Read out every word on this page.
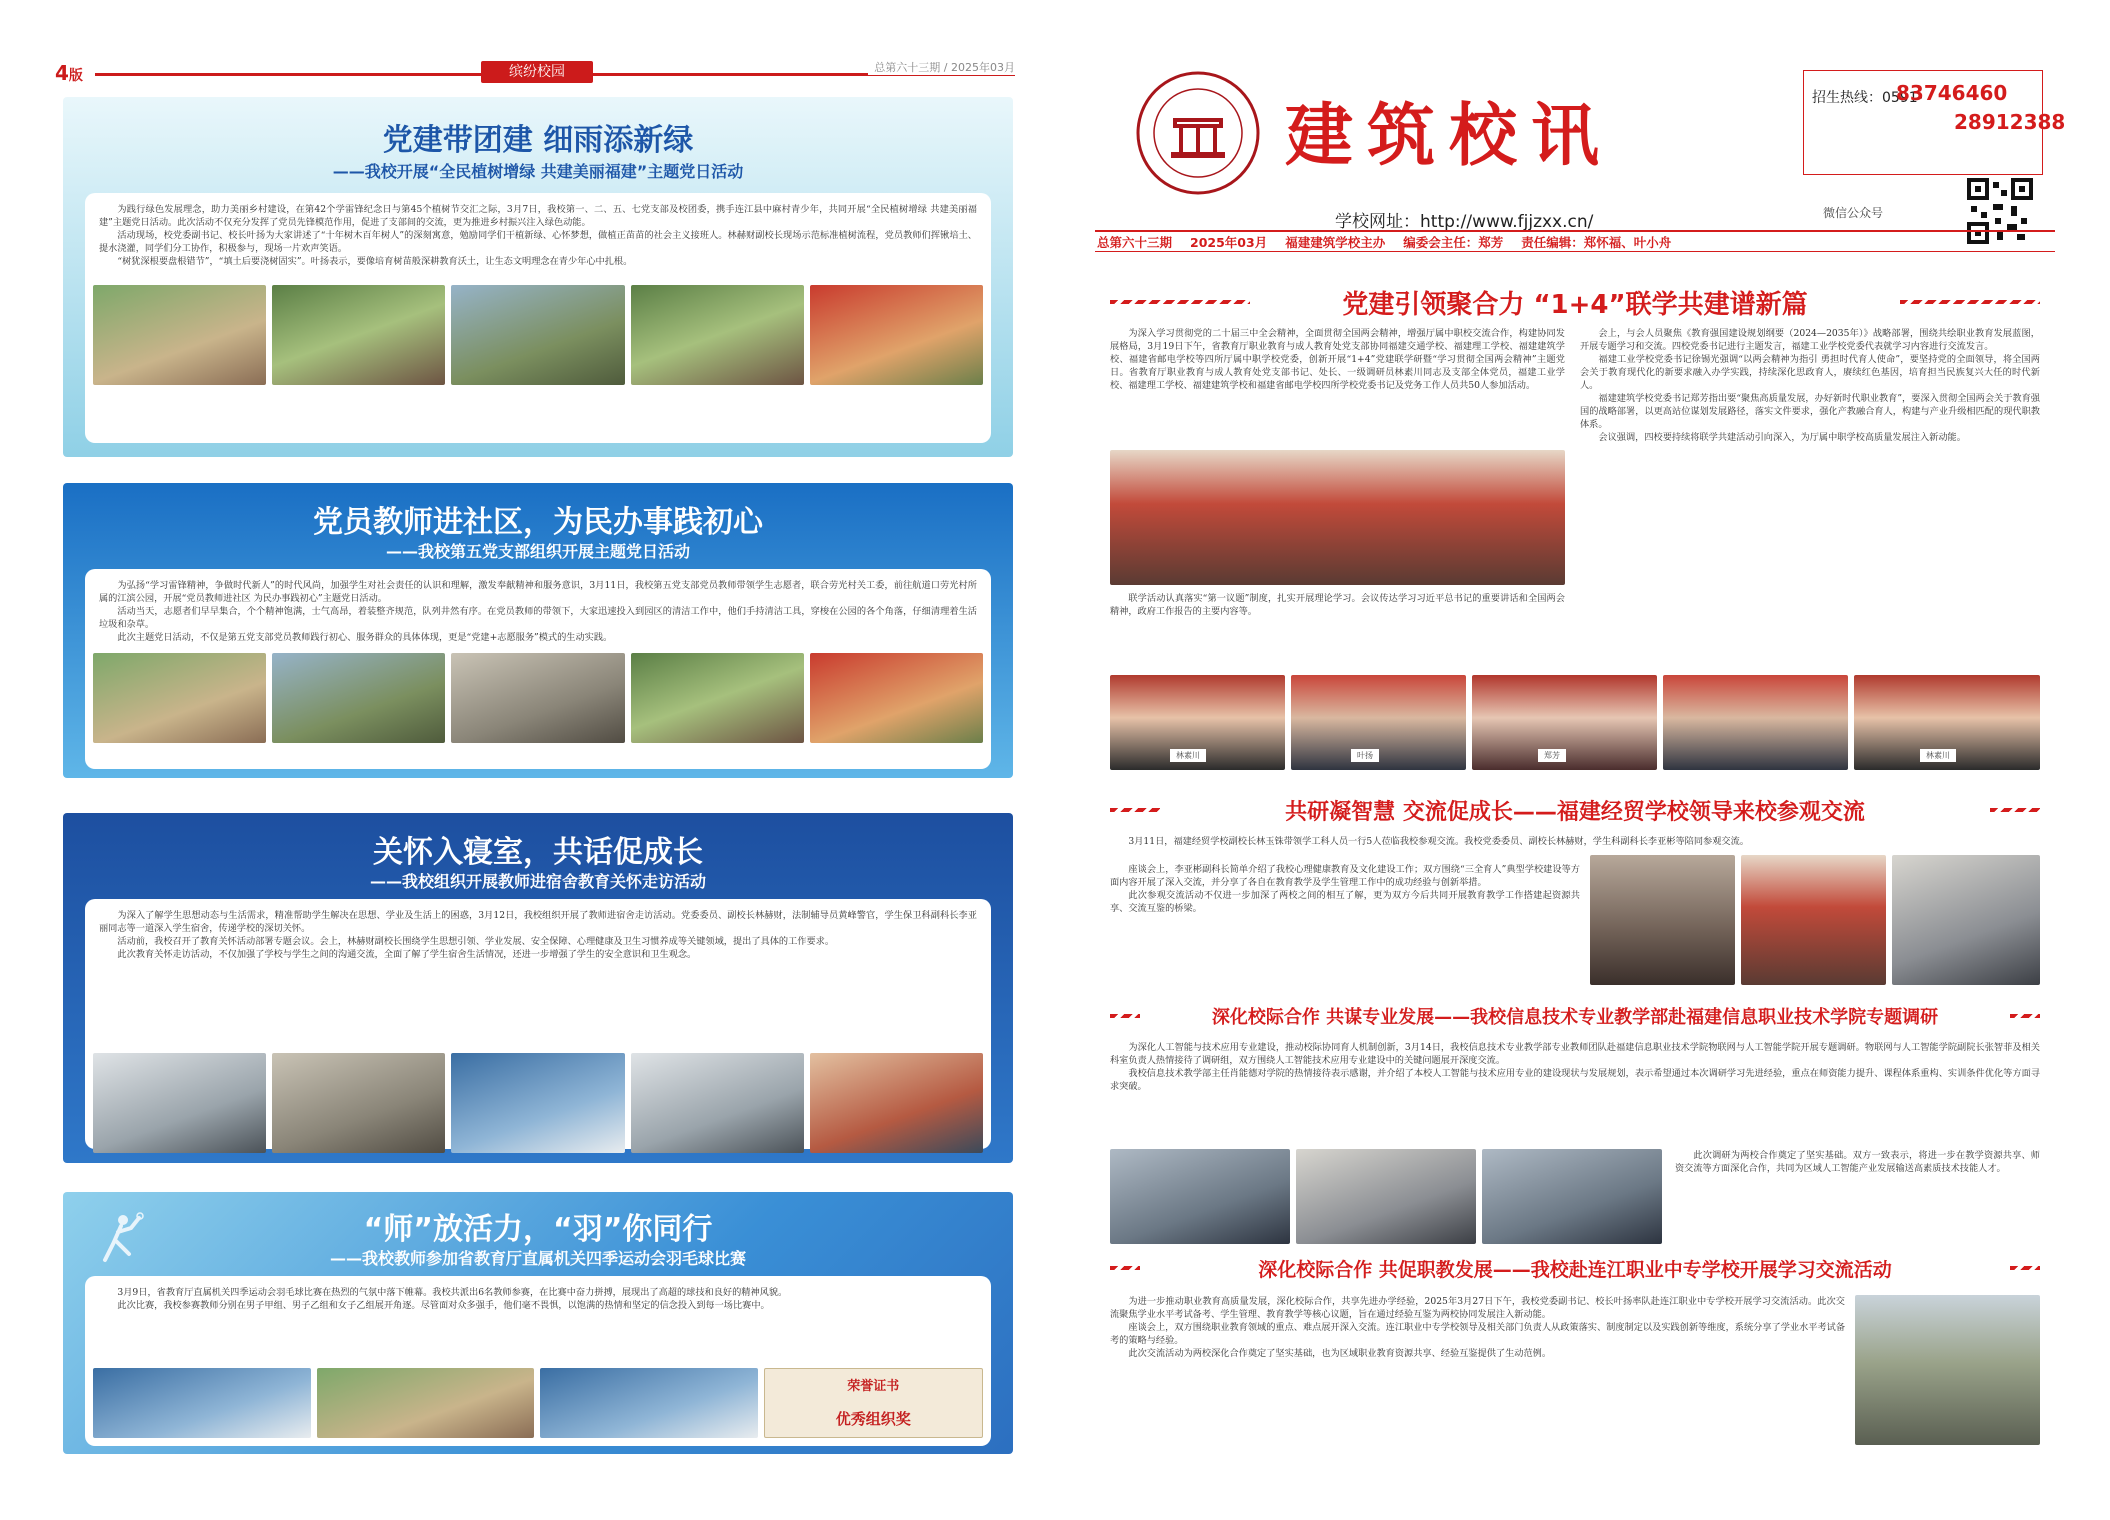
4版	缤纷校园	总第六十三期 / 2025年03月
党建带团建 细雨添新绿
——我校开展“全民植树增绿 共建美丽福建”主题党日活动

为践行绿色发展理念，助力美丽乡村建设，在第42个学雷锋纪念日与第45个植树节交汇之际，3月7日，我校第一、二、五、七党支部及校团委，携手连江县中麻村青少年，共同开展“全民植树增绿 共建美丽福建”主题党日活动。此次活动不仅充分发挥了党员先锋模范作用，促进了支部间的交流，更为推进乡村振兴注入绿色动能。

活动现场，校党委副书记、校长叶扬为大家讲述了“十年树木百年树人”的深刻寓意，勉励同学们干植新绿、心怀梦想，做植正苗苗的社会主义接班人。林赫财副校长现场示范标准植树流程，党员教师们挥锹培土、提水浇灌，同学们分工协作，积极参与，现场一片欢声笑语。

“树犹深根要盘根错节”，“填土后要浇树固实”。叶扬表示，要像培育树苗般深耕教育沃土，让生态文明理念在青少年心中扎根。

党员教师进社区，为民办事践初心
——我校第五党支部组织开展主题党日活动

为弘扬“学习雷锋精神，争做时代新人”的时代风尚，加强学生对社会责任的认识和理解，激发奉献精神和服务意识，3月11日，我校第五党支部党员教师带领学生志愿者，联合劳光村关工委，前往航道口劳光村所属的江滨公园，开展“党员教师进社区 为民办事践初心”主题党日活动。

活动当天，志愿者们早早集合，个个精神饱满，士气高昂，着装整齐规范，队列井然有序。在党员教师的带领下，大家迅速投入到园区的清洁工作中，他们手持清洁工具，穿梭在公园的各个角落，仔细清理着生活垃圾和杂草。

此次主题党日活动，不仅是第五党支部党员教师践行初心、服务群众的具体体现，更是“党建+志愿服务”模式的生动实践。

关怀入寝室，共话促成长
——我校组织开展教师进宿舍教育关怀走访活动

为深入了解学生思想动态与生活需求，精准帮助学生解决在思想、学业及生活上的困惑，3月12日，我校组织开展了教师进宿舍走访活动。党委委员、副校长林赫财，法制辅导员黄峰警官，学生保卫科副科长李亚丽同志等一道深入学生宿舍，传递学校的深切关怀。

活动前，我校召开了教育关怀活动部署专题会议。会上，林赫财副校长围绕学生思想引领、学业发展、安全保障、心理健康及卫生习惯养成等关键领域，提出了具体的工作要求。

此次教育关怀走访活动，不仅加强了学校与学生之间的沟通交流，全面了解了学生宿舍生活情况，还进一步增强了学生的安全意识和卫生观念。

“师”放活力，“羽”你同行
——我校教师参加省教育厅直属机关四季运动会羽毛球比赛

3月9日，省教育厅直属机关四季运动会羽毛球比赛在热烈的气氛中落下帷幕。我校共派出6名教师参赛，在比赛中奋力拼搏，展现出了高超的球技和良好的精神风貌。

此次比赛，我校参赛教师分别在男子甲组、男子乙组和女子乙组展开角逐。尽管面对众多强手，他们毫不畏惧，以饱满的热情和坚定的信念投入到每一场比赛中。

荣誉证书
优秀组织奖
建筑校讯
学校网址：http://www.fjjzxx.cn/
招生热线：0591-
83746460
28912388
微信公众号
总第六十三期 2025年03月 福建建筑学校主办 编委会主任：郑芳 责任编辑：郑怀福、叶小舟
党建引领聚合力 “1+4”联学共建谱新篇

为深入学习贯彻党的二十届三中全会精神，全面贯彻全国两会精神，增强厅属中职校交流合作，构建协同发展格局，3月19日下午，省教育厅职业教育与成人教育处党支部协同福建交通学校、福建理工学校、福建建筑学校、福建省邮电学校等四所厅属中职学校党委，创新开展“1+4”党建联学研暨“学习贯彻全国两会精神”主题党日。省教育厅职业教育与成人教育处党支部书记、处长、一级调研员林素川同志及支部全体党员，福建工业学校、福建理工学校、福建建筑学校和福建省邮电学校四所学校党委书记及党务工作人员共50人参加活动。

联学活动认真落实“第一议题”制度，扎实开展理论学习。会议传达学习习近平总书记的重要讲话和全国两会精神，政府工作报告的主要内容等。

会上，与会人员聚焦《教育强国建设规划纲要（2024—2035年）》战略部署，围绕共绘职业教育发展蓝图，开展专题学习和交流。四校党委书记进行主题发言，福建工业学校党委代表就学习内容进行交流发言。

福建工业学校党委书记徐锡光强调“以两会精神为指引 勇担时代育人使命”，要坚持党的全面领导，将全国两会关于教育现代化的新要求融入办学实践，持续深化思政育人，赓续红色基因，培育担当民族复兴大任的时代新人。

福建建筑学校党委书记郑芳指出要“聚焦高质量发展，办好新时代职业教育”，要深入贯彻全国两会关于教育强国的战略部署，以更高站位谋划发展路径，落实文件要求，强化产教融合育人，构建与产业升级相匹配的现代职教体系。

会议强调，四校要持续将联学共建活动引向深入，为厅属中职学校高质量发展注入新动能。

林素川	叶扬	郑芳	林素川
共研凝智慧 交流促成长——福建经贸学校领导来校参观交流

3月11日，福建经贸学校副校长林玉铢带领学工科人员一行5人莅临我校参观交流。我校党委委员、副校长林赫财，学生科副科长李亚彬等陪同参观交流。

座谈会上，李亚彬副科长简单介绍了我校心理健康教育及文化建设工作；双方围绕“三全育人”典型学校建设等方面内容开展了深入交流，并分享了各自在教育教学及学生管理工作中的成功经验与创新举措。

此次参观交流活动不仅进一步加深了两校之间的相互了解，更为双方今后共同开展教育教学工作搭建起资源共享、交流互鉴的桥梁。

深化校际合作 共谋专业发展——我校信息技术专业教学部赴福建信息职业技术学院专题调研

为深化人工智能与技术应用专业建设，推动校际协同育人机制创新，3月14日，我校信息技术专业教学部专业教师团队赴福建信息职业技术学院物联网与人工智能学院开展专题调研。物联网与人工智能学院副院长张智菲及相关科室负责人热情接待了调研组，双方围绕人工智能技术应用专业建设中的关键问题展开深度交流。

我校信息技术教学部主任肖能德对学院的热情接待表示感谢，并介绍了本校人工智能与技术应用专业的建设现状与发展规划，表示希望通过本次调研学习先进经验，重点在师资能力提升、课程体系重构、实训条件优化等方面寻求突破。

此次调研为两校合作奠定了坚实基础。双方一致表示，将进一步在教学资源共享、师资交流等方面深化合作，共同为区域人工智能产业发展输送高素质技术技能人才。

深化校际合作 共促职教发展——我校赴连江职业中专学校开展学习交流活动

为进一步推动职业教育高质量发展，深化校际合作，共享先进办学经验，2025年3月27日下午，我校党委副书记、校长叶扬率队赴连江职业中专学校开展学习交流活动。此次交流聚焦学业水平考试备考、学生管理、教育教学等核心议题，旨在通过经验互鉴为两校协同发展注入新动能。

座谈会上，双方围绕职业教育领域的重点、难点展开深入交流。连江职业中专学校领导及相关部门负责人从政策落实、制度制定以及实践创新等维度，系统分享了学业水平考试备考的策略与经验。

此次交流活动为两校深化合作奠定了坚实基础，也为区域职业教育资源共享、经验互鉴提供了生动范例。
